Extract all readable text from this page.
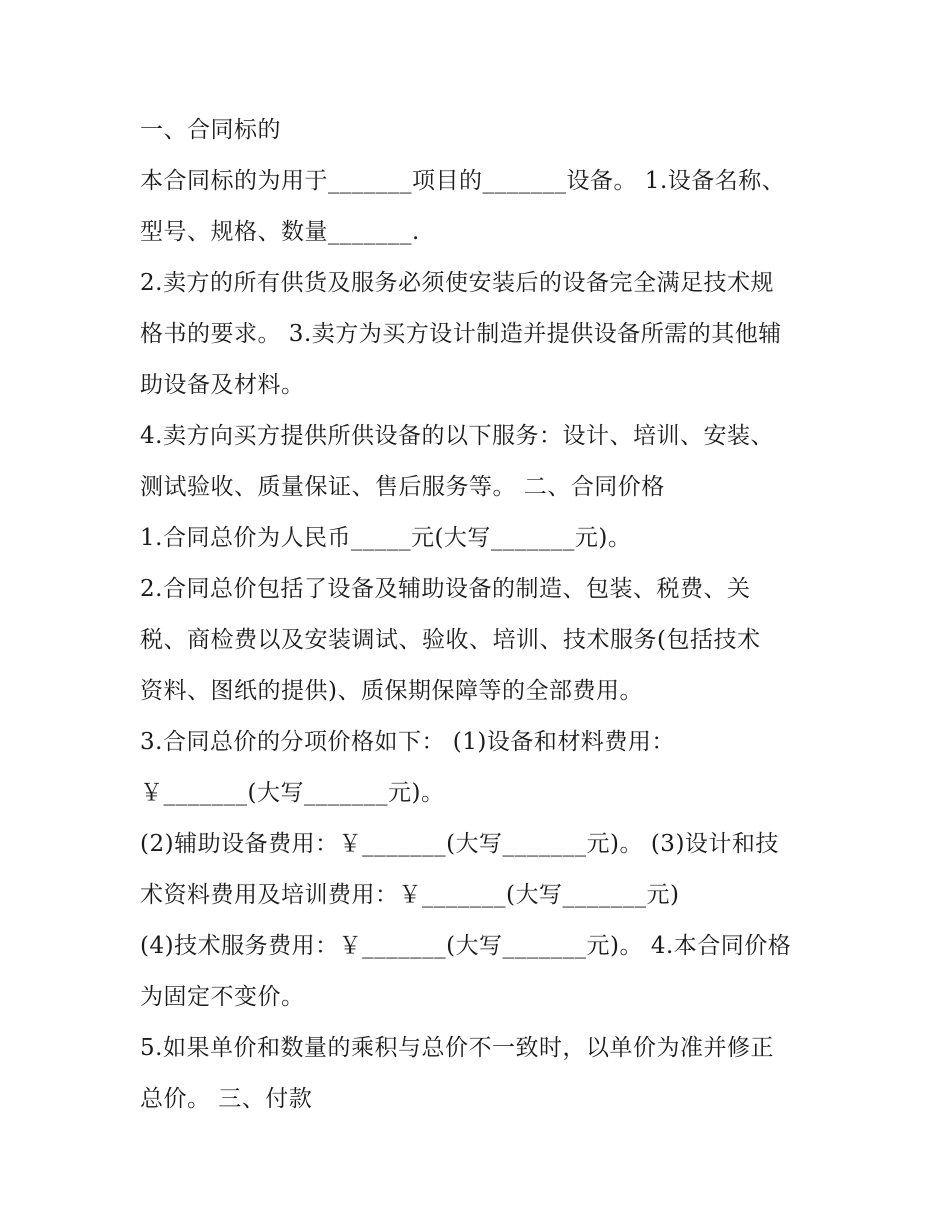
一、合同标的
本合同标的为用于_______项目的_______设备。 1.设备名称、
型号、规格、数量_______.
2.卖方的所有供货及服务必须使安装后的设备完全满足技术规
格书的要求。 3.卖方为买方设计制造并提供设备所需的其他辅
助设备及材料。
4.卖方向买方提供所供设备的以下服务：设计、培训、安装、
测试验收、质量保证、售后服务等。 二、合同价格
1.合同总价为人民币_____元(大写_______元)。
2.合同总价包括了设备及辅助设备的制造、包装、税费、关
税、商检费以及安装调试、验收、培训、技术服务(包括技术
资料、图纸的提供)、质保期保障等的全部费用。
3.合同总价的分项价格如下： (1)设备和材料费用：
￥_______(大写_______元)。
(2)辅助设备费用：￥_______(大写_______元)。 (3)设计和技
术资料费用及培训费用：￥_______(大写_______元)
(4)技术服务费用：￥_______(大写_______元)。 4.本合同价格
为固定不变价。
5.如果单价和数量的乘积与总价不一致时，以单价为准并修正
总价。 三、付款
